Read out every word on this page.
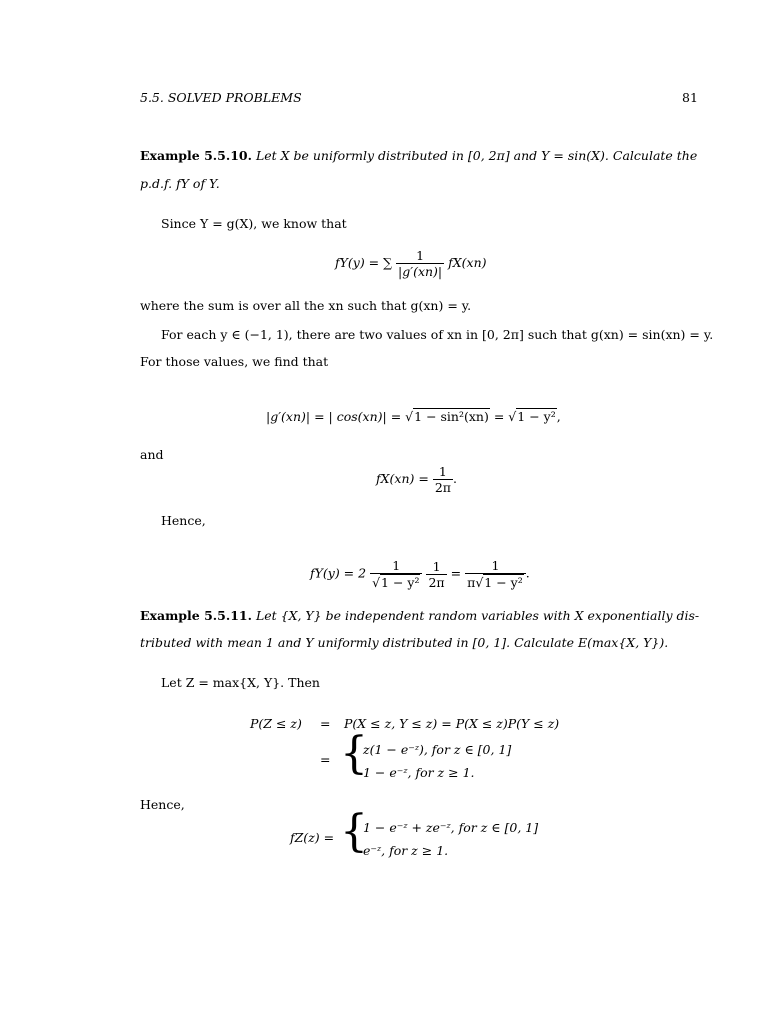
5.5. SOLVED PROBLEMS	81
Example 5.5.10. Let X be uniformly distributed in [0, 2π] and Y = sin(X). Calculate the
p.d.f. fY of Y.
Since Y = g(X), we know that
fY(y) = ∑ $\frac{1}{|g'(xn)|} fX(xn)$
where the sum is over all the xn such that g(xn) = y.
For each y ∈ (−1, 1), there are two values of xn in [0, 2π] such that g(xn) = sin(xn) = y.
For those values, we find that
|g′(xn)| = | cos(xn)| = √1 − sin²(xn) = √1 − y²,
and
$fX(xn) = \frac{1}{2\pi}$ .
Hence,
$fY(y) = 2 \frac{1}{\text{√1 − y²}}$
$\frac{1}{2\pi} = \frac{1}{\text{π√1 − y²}}$ .
Example 5.5.11. Let {X, Y} be independent random variables with X exponentially dis-
tributed with mean 1 and Y uniformly distributed in [0, 1]. Calculate E(max{X, Y}).
Let Z = max{X, Y}. Then
P(Z ≤ z) = P(X ≤ z, Y ≤ z) = P(X ≤ z)P(Y ≤ z)
= {
z(1 − e⁻ᶻ), for z ∈ [0, 1]
1 − e⁻ᶻ, for z ≥ 1.
Hence,
fZ(z) = {
1 − e⁻ᶻ + ze⁻ᶻ, for z ∈ [0, 1]
e⁻ᶻ, for z ≥ 1.
